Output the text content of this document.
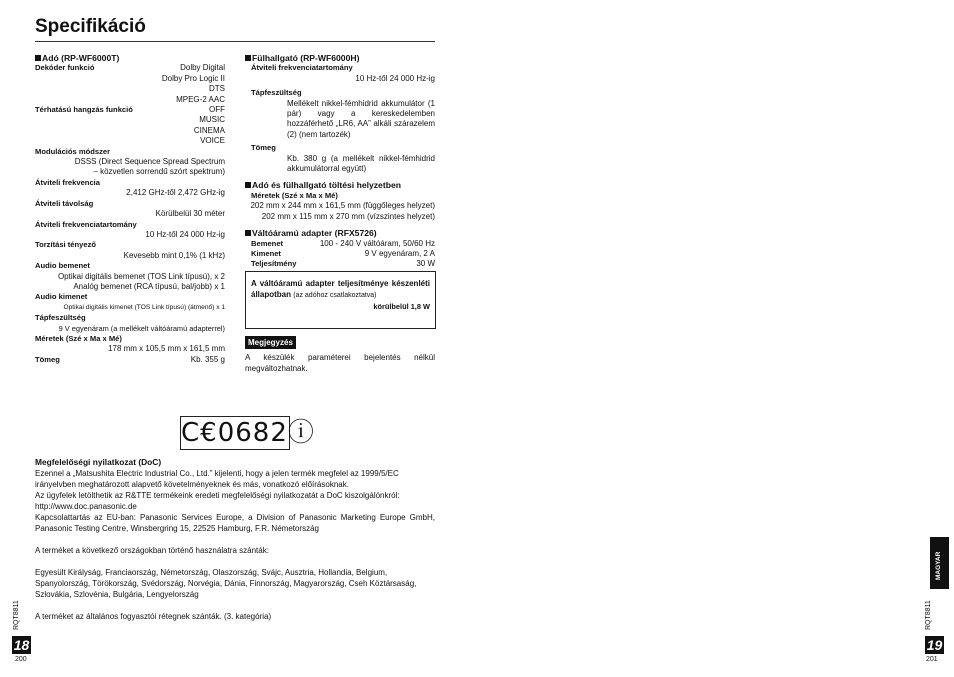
Specifikáció
Adó (RP-WF6000T)
Dekóder funkció	Dolby Digital
Dolby Pro Logic II
DTS
MPEG-2 AAC
Térhatású hangzás funkció	OFF
MUSIC
CINEMA
VOICE
Modulációs módszer
DSSS (Direct Sequence Spread Spectrum
– közvetlen sorrendű szórt spektrum)
Átviteli frekvencia
2,412 GHz-től 2,472 GHz-ig
Átviteli távolság
Körülbelül 30 méter
Átviteli frekvenciatartomány
10 Hz-től 24 000 Hz-ig
Torzítási tényező
Kevesebb mint 0,1% (1 kHz)
Audio bemenet
Optikai digitális bemenet (TOS Link típusú), x 2
Analóg bemenet (RCA típusú, bal/jobb) x 1
Audio kimenet
Optikai digitális kimenet (TOS Link típusú) (átmenő) x 1
Tápfeszültség
9 V egyenáram (a mellékelt váltóáramú adapterrel)
Méretek (Szé x Ma x Mé)
178 mm x 105,5 mm x 161,5 mm
Tömeg	Kb. 355 g
Fülhallgató (RP-WF6000H)
Átviteli frekvenciatartomány
10 Hz-től 24 000 Hz-ig
Tápfeszültség
Mellékelt nikkel-fémhidrid akkumulátor (1 pár) vagy a kereskedelemben hozzáférhető „LR6, AA” alkáli szárazelem (2) (nem tartozék)
Tömeg
Kb. 380 g (a mellékelt nikkel-fémhidrid akkumulátorral együtt)
Adó és fülhallgató töltési helyzetben
Méretek (Szé x Ma x Mé)
202 mm x 244 mm x 161,5 mm (függőleges helyzet)
202 mm x 115 mm x 270 mm (vízszintes helyzet)
Váltóáramú adapter (RFX5726)
Bemenet	100 - 240 V váltóáram, 50/60 Hz
Kimenet	9 V egyenáram, 2 A
Teljesítmény	30 W
A váltóáramú adapter teljesítménye készenléti állapotban (az adóhoz csatlakoztatva)
körülbelül 1,8 W
Megjegyzés
A készülék paraméterei bejelentés nélkül megváltozhatnak.
C€0682ⓘ
Megfelelőségi nyilatkozat (DoC)
Ezennel a „Matsushita Electric Industrial Co., Ltd.” kijelenti, hogy a jelen termék megfelel az 1999/5/EC irányelvben meghatározott alapvető követelményeknek és más, vonatkozó előírásoknak.
Az ügyfelek letölthetik az R&TTE termékeink eredeti megfelelőségi nyilatkozatát a DoC kiszolgálónkról:
http://www.doc.panasonic.de
Kapcsolattartás az EU-ban: Panasonic Services Europe, a Division of Panasonic Marketing Europe GmbH, Panasonic Testing Centre, Winsbergring 15, 22525 Hamburg, F.R. Németország
A terméket a következő országokban történő használatra szánták:
Egyesült Királyság, Franciaország, Németország, Olaszország, Svájc, Ausztria, Hollandia, Belgium, Spanyolország, Törökország, Svédország, Norvégia, Dánia, Finnország, Magyarország, Cseh Köztársaság, Szlovákia, Szlovénia, Bulgária, Lengyelország
A terméket az általános fogyasztói rétegnek szánták. (3. kategória)
RQT8811
18
200
MAGYAR
RQT8811
19
201
